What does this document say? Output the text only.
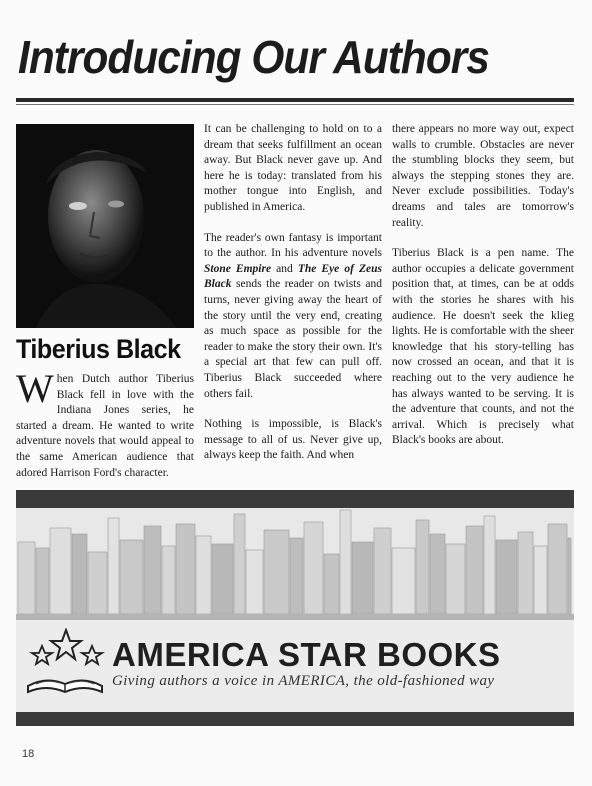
Introducing Our Authors
Tiberius Black

When Dutch author Tiberius Black fell in love with the Indiana Jones series, he started a dream. He wanted to write adventure novels that would appeal to the same American audience that adored Harrison Ford's character.

It can be challenging to hold on to a dream that seeks fulfillment an ocean away. But Black never gave up. And here he is today: translated from his mother tongue into English, and published in America.

The reader's own fantasy is important to the author. In his adventure novels Stone Empire and The Eye of Zeus Black sends the reader on twists and turns, never giving away the heart of the story until the very end, creating as much space as possible for the reader to make the story their own. It's a special art that few can pull off. Tiberius Black succeeded where others fail.

Nothing is impossible, is Black's message to all of us. Never give up, always keep the faith. And when

there appears no more way out, expect walls to crumble. Obstacles are never the stumbling blocks they seem, but always the stepping stones they are. Never exclude possibilities. Today's dreams and tales are tomorrow's reality.

Tiberius Black is a pen name. The author occupies a delicate government position that, at times, can be at odds with the stories he shares with his audience. He doesn't seek the klieg lights. He is comfortable with the sheer knowledge that his story-telling has now crossed an ocean, and that it is reaching out to the very audience he has always wanted to be serving. It is the adventure that counts, and not the arrival. Which is precisely what Black's books are about.

AMERICA STAR BOOKS

Giving authors a voice in AMERICA, the old-fashioned way

18
